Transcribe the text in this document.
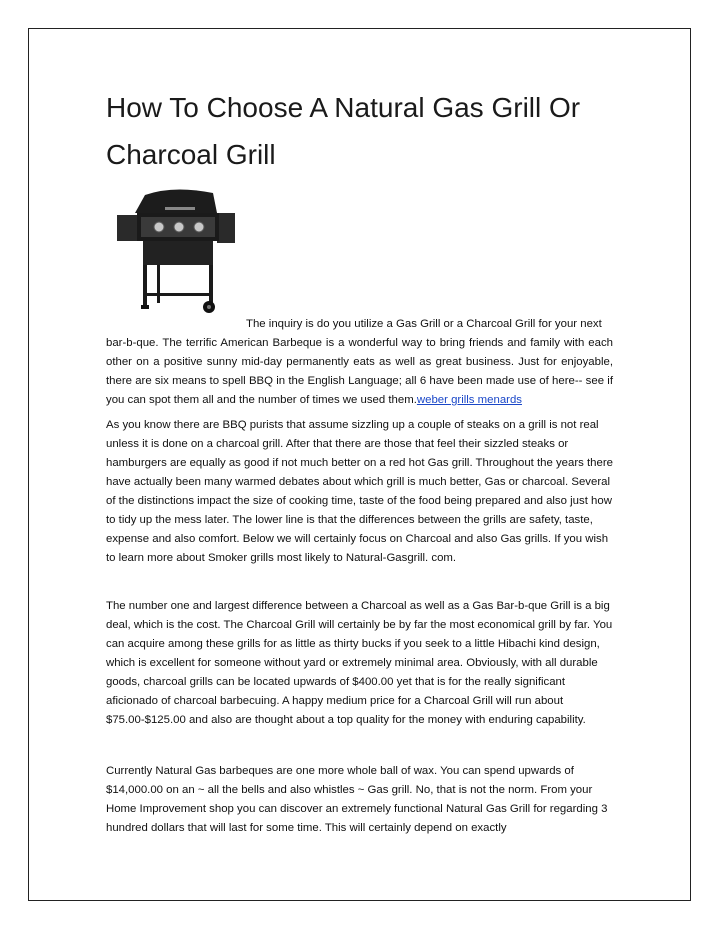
How To Choose A Natural Gas Grill Or
Charcoal Grill

The inquiry is do you utilize a Gas Grill or a Charcoal Grill for your next

bar-b-que. The terrific American Barbeque is a wonderful way to bring friends and family with each other on a positive sunny mid-day permanently eats as well as great business. Just for enjoyable, there are six means to spell BBQ in the English Language; all 6 have been made use of here-- see if you can spot them all and the number of times we used them.weber grills menards

As you know there are BBQ purists that assume sizzling up a couple of steaks on a grill is not real unless it is done on a charcoal grill. After that there are those that feel their sizzled steaks or hamburgers are equally as good if not much better on a red hot Gas grill. Throughout the years there have actually been many warmed debates about which grill is much better, Gas or charcoal. Several of the distinctions impact the size of cooking time, taste of the food being prepared and also just how to tidy up the mess later. The lower line is that the differences between the grills are safety, taste, expense and also comfort. Below we will certainly focus on Charcoal and also Gas grills. If you wish to learn more about Smoker grills most likely to Natural-Gasgrill. com.

The number one and largest difference between a Charcoal as well as a Gas Bar-b-que Grill is a big deal, which is the cost. The Charcoal Grill will certainly be by far the most economical grill by far. You can acquire among these grills for as little as thirty bucks if you seek to a little Hibachi kind design, which is excellent for someone without yard or extremely minimal area. Obviously, with all durable goods, charcoal grills can be located upwards of $400.00 yet that is for the really significant aficionado of charcoal barbecuing. A happy medium price for a Charcoal Grill will run about $75.00-$125.00 and also are thought about a top quality for the money with enduring capability.

Currently Natural Gas barbeques are one more whole ball of wax. You can spend upwards of $14,000.00 on an ~ all the bells and also whistles ~ Gas grill. No, that is not the norm. From your Home Improvement shop you can discover an extremely functional Natural Gas Grill for regarding 3 hundred dollars that will last for some time. This will certainly depend on exactly
